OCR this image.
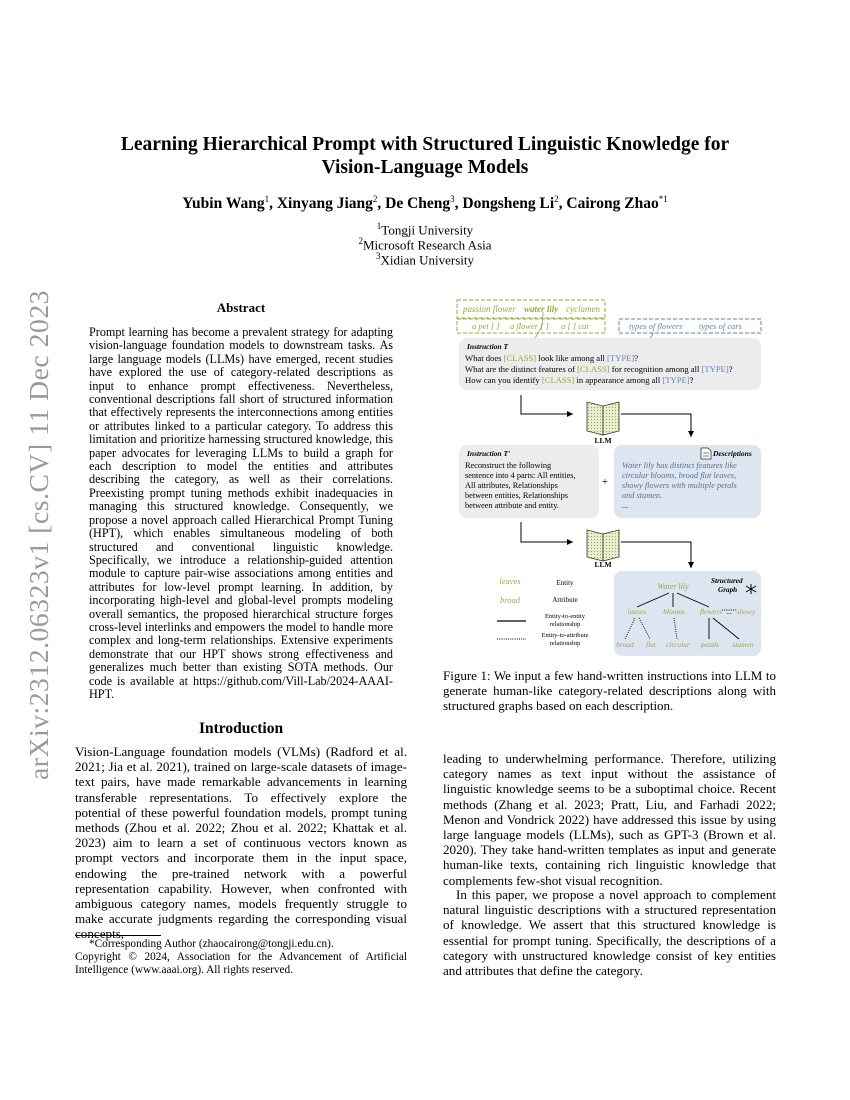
arXiv:2312.06323v1 [cs.CV] 11 Dec 2023
Learning Hierarchical Prompt with Structured Linguistic Knowledge for
Vision-Language Models
Yubin Wang$^1$, Xinyang Jiang$^2$, De Cheng$^3$, Dongsheng Li$^2$, Cairong Zhao$^{*1}$
$^1$Tongji University
$^2$Microsoft Research Asia
$^3$Xidian University
Abstract
Prompt learning has become a prevalent strategy for adapting vision-language foundation models to downstream tasks. As large language models (LLMs) have emerged, recent studies have explored the use of category-related descriptions as input to enhance prompt effectiveness. Nevertheless, conventional descriptions fall short of structured information that effectively represents the interconnections among entities or attributes linked to a particular category. To address this limitation and prioritize harnessing structured knowledge, this paper advocates for leveraging LLMs to build a graph for each description to model the entities and attributes describing the category, as well as their correlations. Preexisting prompt tuning methods exhibit inadequacies in managing this structured knowledge. Consequently, we propose a novel approach called Hierarchical Prompt Tuning (HPT), which enables simultaneous modeling of both structured and conventional linguistic knowledge. Specifically, we introduce a relationship-guided attention module to capture pair-wise associations among entities and attributes for low-level prompt learning. In addition, by incorporating high-level and global-level prompts modeling overall semantics, the proposed hierarchical structure forges cross-level interlinks and empowers the model to handle more complex and long-term relationships. Extensive experiments demonstrate that our HPT shows strong effectiveness and generalizes much better than existing SOTA methods. Our code is available at https://github.com/Vill-Lab/2024-AAAI-HPT.
Introduction
Vision-Language foundation models (VLMs) (Radford et al. 2021; Jia et al. 2021), trained on large-scale datasets of image-text pairs, have made remarkable advancements in learning transferable representations. To effectively explore the potential of these powerful foundation models, prompt tuning methods (Zhou et al. 2022; Zhou et al. 2022; Khattak et al. 2023) aim to learn a set of continuous vectors known as prompt vectors and incorporate them in the input space, endowing the pre-trained network with a powerful representation capability. However, when confronted with ambiguous category names, models frequently struggle to make accurate judgments regarding the corresponding visual concepts,
*Corresponding Author (zhaocairong@tongji.edu.cn).
Copyright © 2024, Association for the Advancement of Artificial Intelligence (www.aaai.org). All rights reserved.
passion flower water lily cyclamen
a pet [ ] a flower [ ] a [ ] car	types of flowers types of cars
Instruction T
What does [CLASS] look like among all [TYPE]?
What are the distinct features of [CLASS] for recognition among all [TYPE]?
How can you identify [CLASS] in appearance among all [TYPE]?
LLM
Instruction T'
Reconstruct the following
sentence into 4 parts: All entities,
All attributes, Relationships
between entities, Relationships
between attribute and entity.
+
Descriptions
Water lily has distinct features like
circular blooms, broad flat leaves,
showy flowers with multiple petals
and stamen.
...
LLM
leaves	Entity
broad	Attribute
Entity-to-entity
relationship
Entity-to-attribute
relationship
Structured
Graph
Water lily
leaves blooms flowers ... showy
broad flat circular petals stamen
Figure 1: We input a few hand-written instructions into LLM to generate human-like category-related descriptions along with structured graphs based on each description.
leading to underwhelming performance. Therefore, utilizing category names as text input without the assistance of linguistic knowledge seems to be a suboptimal choice. Recent methods (Zhang et al. 2023; Pratt, Liu, and Farhadi 2022; Menon and Vondrick 2022) have addressed this issue by using large language models (LLMs), such as GPT-3 (Brown et al. 2020). They take hand-written templates as input and generate human-like texts, containing rich linguistic knowledge that complements few-shot visual recognition.
In this paper, we propose a novel approach to complement natural linguistic descriptions with a structured representation of knowledge. We assert that this structured knowledge is essential for prompt tuning. Specifically, the descriptions of a category with unstructured knowledge consist of key entities and attributes that define the category.
